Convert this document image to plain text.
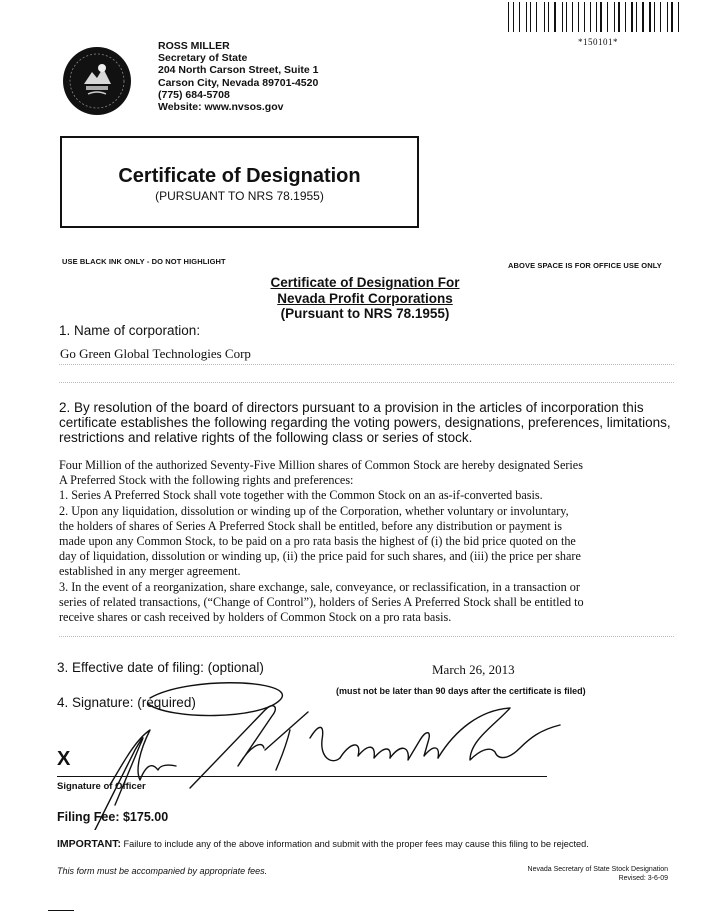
*150101*
ROSS MILLER
Secretary of State
204 North Carson Street, Suite 1
Carson City, Nevada 89701-4520
(775) 684-5708
Website: www.nvsos.gov
Certificate of Designation
(PURSUANT TO NRS 78.1955)
USE BLACK INK ONLY - DO NOT HIGHLIGHT	ABOVE SPACE IS FOR OFFICE USE ONLY
Certificate of Designation For
Nevada Profit Corporations
(Pursuant to NRS 78.1955)
1. Name of corporation:
Go Green Global Technologies Corp
2. By resolution of the board of directors pursuant to a provision in the articles of incorporation this certificate establishes the following regarding the voting powers, designations, preferences, limitations, restrictions and relative rights of the following class or series of stock.
Four Million of the authorized Seventy-Five Million shares of Common Stock are hereby designated Series
A Preferred Stock with the following rights and preferences:
1. Series A Preferred Stock shall vote together with the Common Stock on an as-if-converted basis.
2. Upon any liquidation, dissolution or winding up of the Corporation, whether voluntary or involuntary,
the holders of shares of Series A Preferred Stock shall be entitled, before any distribution or payment is
made upon any Common Stock, to be paid on a pro rata basis the highest of (i) the bid price quoted on the
day of liquidation, dissolution or winding up, (ii) the price paid for such shares, and (iii) the price per share
established in any merger agreement.
3. In the event of a reorganization, share exchange, sale, conveyance, or reclassification, in a transaction or
series of related transactions, (“Change of Control”), holders of Series A Preferred Stock shall be entitled to
receive shares or cash received by holders of Common Stock on a pro rata basis.
3. Effective date of filing: (optional)	March 26, 2013
(must not be later than 90 days after the certificate is filed)
4. Signature: (required)
X
Signature of Officer
Filing Fee: $175.00
IMPORTANT: Failure to include any of the above information and submit with the proper fees may cause this filing to be rejected.
This form must be accompanied by appropriate fees.	Nevada Secretary of State Stock Designation
Revised: 3-6-09
